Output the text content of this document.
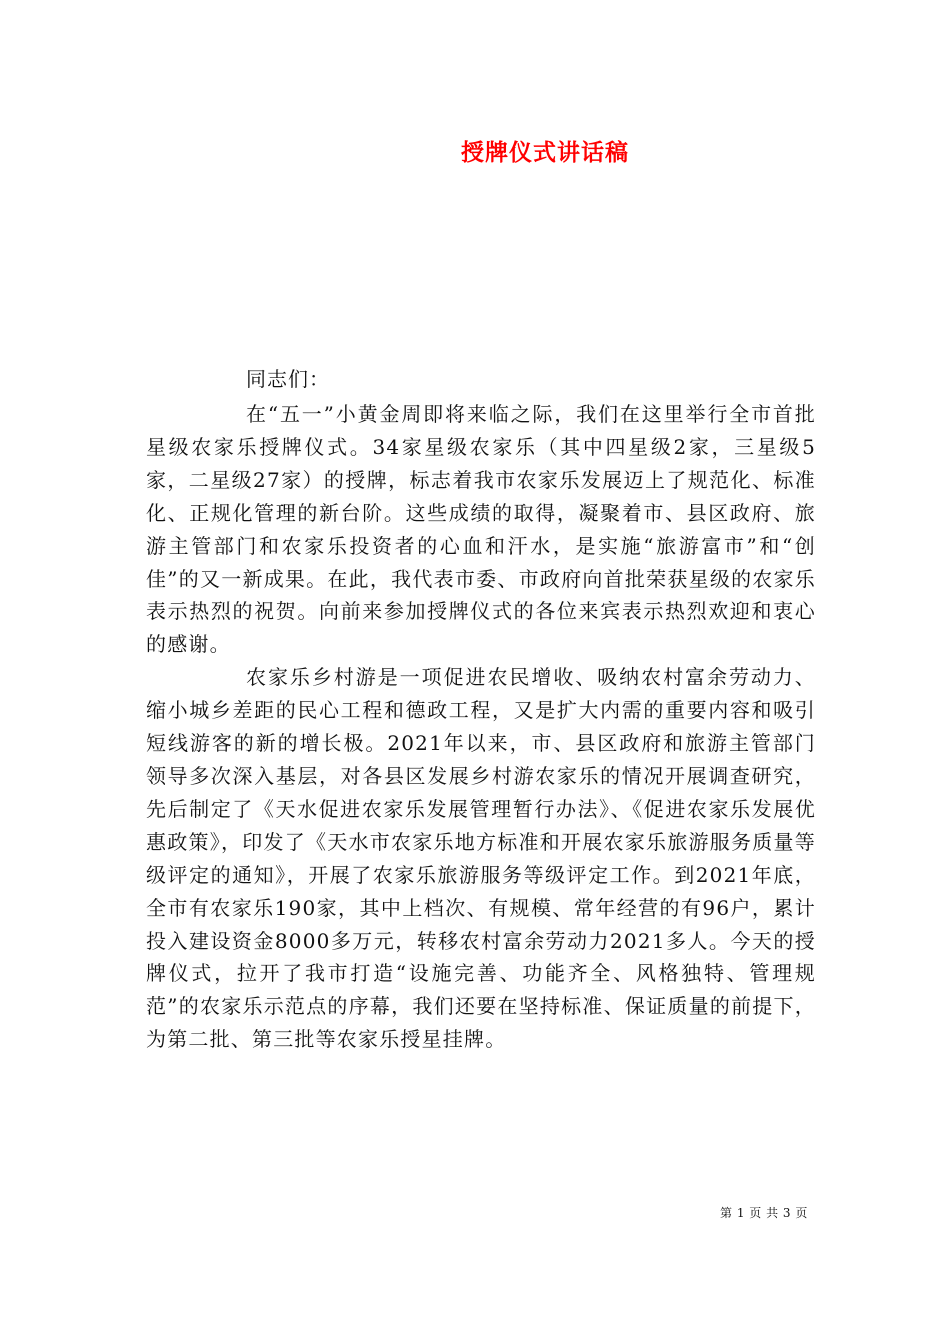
授牌仪式讲话稿
同志们：

在“五一”小黄金周即将来临之际，我们在这里举行全市首批星级农家乐授牌仪式。34家星级农家乐（其中四星级2家，三星级5家，二星级27家）的授牌，标志着我市农家乐发展迈上了规范化、标准化、正规化管理的新台阶。这些成绩的取得，凝聚着市、县区政府、旅游主管部门和农家乐投资者的心血和汗水，是实施“旅游富市”和“创佳”的又一新成果。在此，我代表市委、市政府向首批荣获星级的农家乐表示热烈的祝贺。向前来参加授牌仪式的各位来宾表示热烈欢迎和衷心的感谢。

农家乐乡村游是一项促进农民增收、吸纳农村富余劳动力、缩小城乡差距的民心工程和德政工程，又是扩大内需的重要内容和吸引短线游客的新的增长极。2021年以来，市、县区政府和旅游主管部门领导多次深入基层，对各县区发展乡村游农家乐的情况开展调查研究，先后制定了《天水促进农家乐发展管理暂行办法》、《促进农家乐发展优惠政策》，印发了《天水市农家乐地方标准和开展农家乐旅游服务质量等级评定的通知》，开展了农家乐旅游服务等级评定工作。到2021年底，全市有农家乐190家，其中上档次、有规模、常年经营的有96户，累计投入建设资金8000多万元，转移农村富余劳动力2021多人。今天的授牌仪式，拉开了我市打造“设施完善、功能齐全、风格独特、管理规范”的农家乐示范点的序幕，我们还要在坚持标准、保证质量的前提下，为第二批、第三批等农家乐授星挂牌。

第 1 页 共 3 页
